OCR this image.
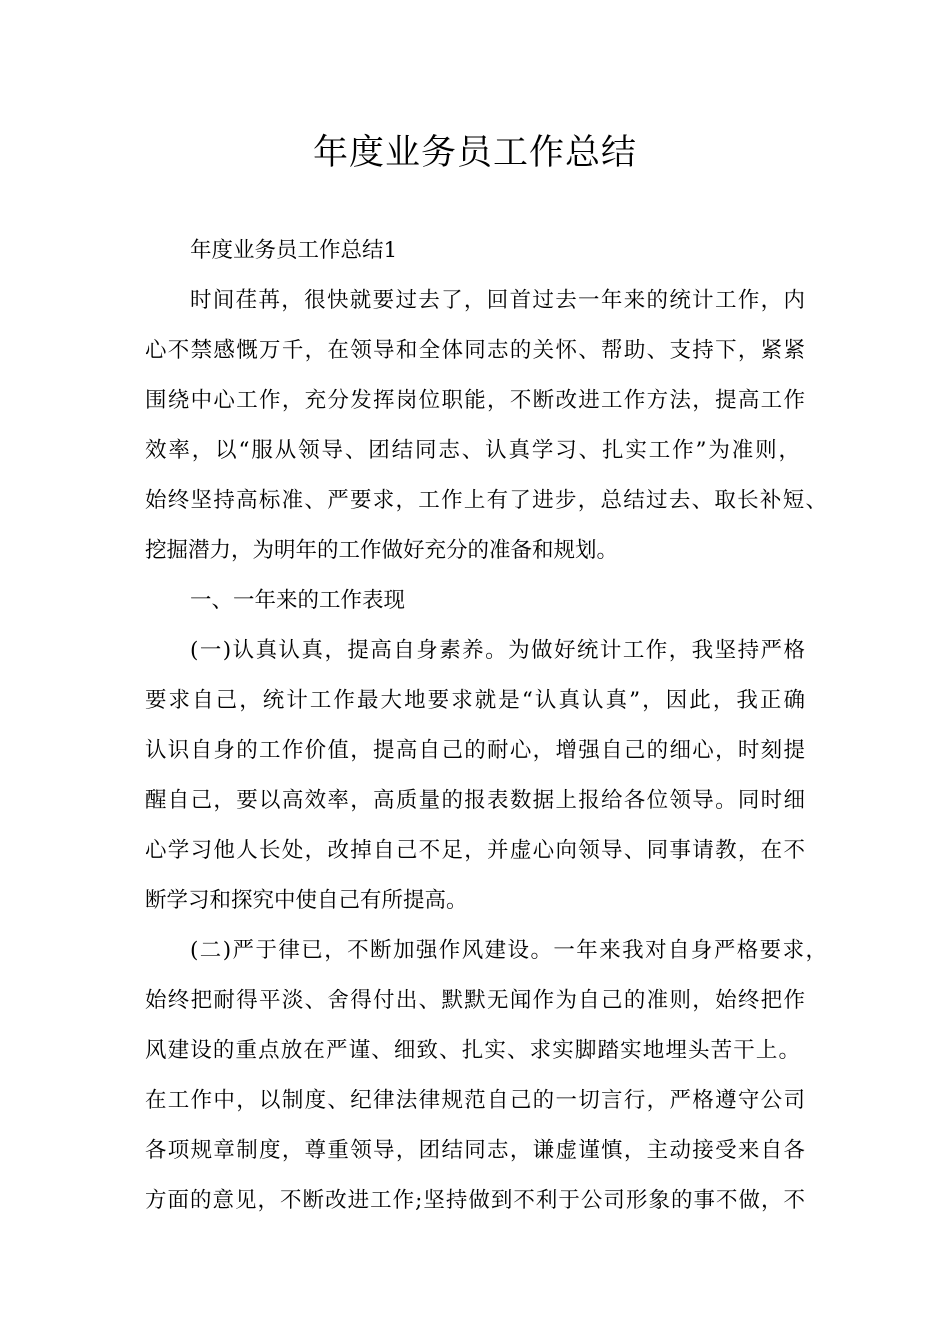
年度业务员工作总结
年度业务员工作总结1
时间荏苒，很快就要过去了，回首过去一年来的统计工作，内
心不禁感慨万千，在领导和全体同志的关怀、帮助、支持下，紧紧
围绕中心工作，充分发挥岗位职能，不断改进工作方法，提高工作
效率，以“服从领导、团结同志、认真学习、扎实工作”为准则，
始终坚持高标准、严要求，工作上有了进步，总结过去、取长补短、
挖掘潜力，为明年的工作做好充分的准备和规划。
一、一年来的工作表现
(一)认真认真，提高自身素养。为做好统计工作，我坚持严格
要求自己，统计工作最大地要求就是“认真认真”，因此，我正确
认识自身的工作价值，提高自己的耐心，增强自己的细心，时刻提
醒自己，要以高效率，高质量的报表数据上报给各位领导。同时细
心学习他人长处，改掉自己不足，并虚心向领导、同事请教，在不
断学习和探究中使自己有所提高。
(二)严于律已，不断加强作风建设。一年来我对自身严格要求，
始终把耐得平淡、舍得付出、默默无闻作为自己的准则，始终把作
风建设的重点放在严谨、细致、扎实、求实脚踏实地埋头苦干上。
在工作中，以制度、纪律法律规范自己的一切言行，严格遵守公司
各项规章制度，尊重领导，团结同志，谦虚谨慎，主动接受来自各
方面的意见，不断改进工作;坚持做到不利于公司形象的事不做，不
